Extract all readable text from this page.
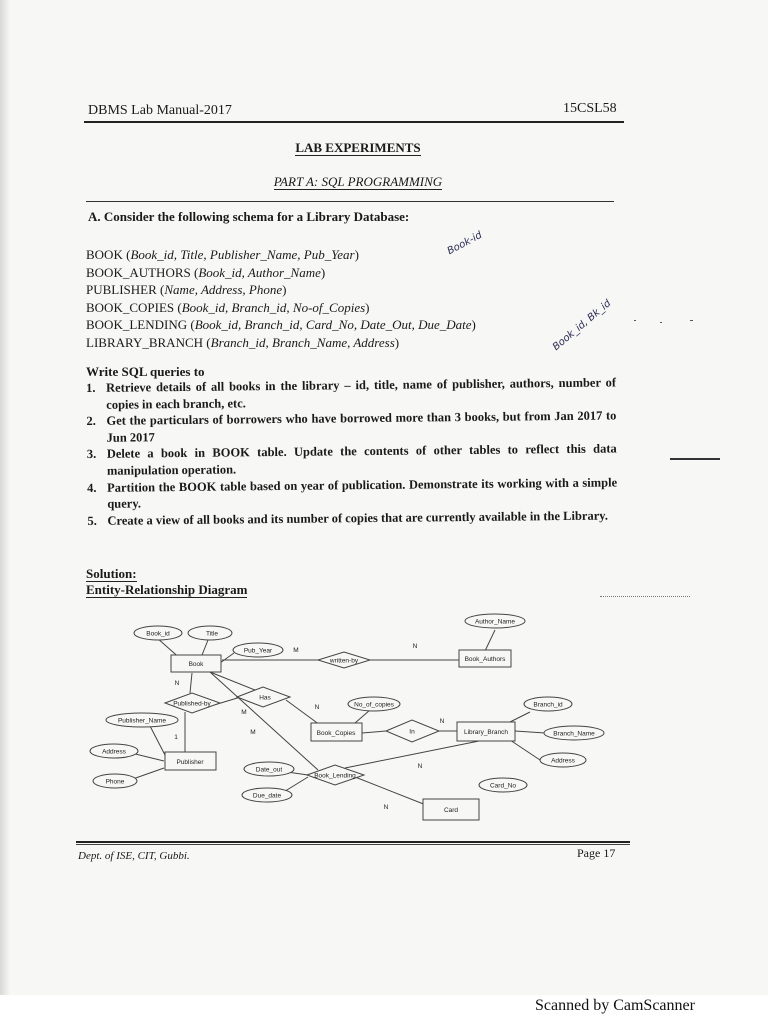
DBMS Lab Manual-2017	15CSL58
LAB EXPERIMENTS
PART A: SQL PROGRAMMING
A. Consider the following schema for a Library Database:
BOOK (Book_id, Title, Publisher_Name, Pub_Year)
BOOK_AUTHORS (Book_id, Author_Name)
PUBLISHER (Name, Address, Phone)
BOOK_COPIES (Book_id, Branch_id, No-of_Copies)
BOOK_LENDING (Book_id, Branch_id, Card_No, Date_Out, Due_Date)
LIBRARY_BRANCH (Branch_id, Branch_Name, Address)
Book-id
Book_id, Bk_id
Write SQL queries to
1. Retrieve details of all books in the library – id, title, name of publisher, authors, number of copies in each branch, etc.
2. Get the particulars of borrowers who have borrowed more than 3 books, but from Jan 2017 to Jun 2017
3. Delete a book in BOOK table. Update the contents of other tables to reflect this data manipulation operation.
4. Partition the BOOK table based on year of publication. Demonstrate its working with a simple query.
5. Create a view of all books and its number of copies that are currently available in the Library.
Solution:
Entity-Relationship Diagram
Book_id	Title
Pub_Year
Author_Name
Publisher_Name
Address
Phone
No_of_copies	Branch_id
Branch_Name
Address
Date_out
Due_date
Card_No
Book
Book_Authors
Publisher
Book_Copies	Library_Branch
Card
written-by
Published-by
Has
In
Book_Lending
M
N
N
1
M
N
M
N
N
N
Dept. of ISE, CIT, Gubbi.	Page 17
Scanned by CamScanner
